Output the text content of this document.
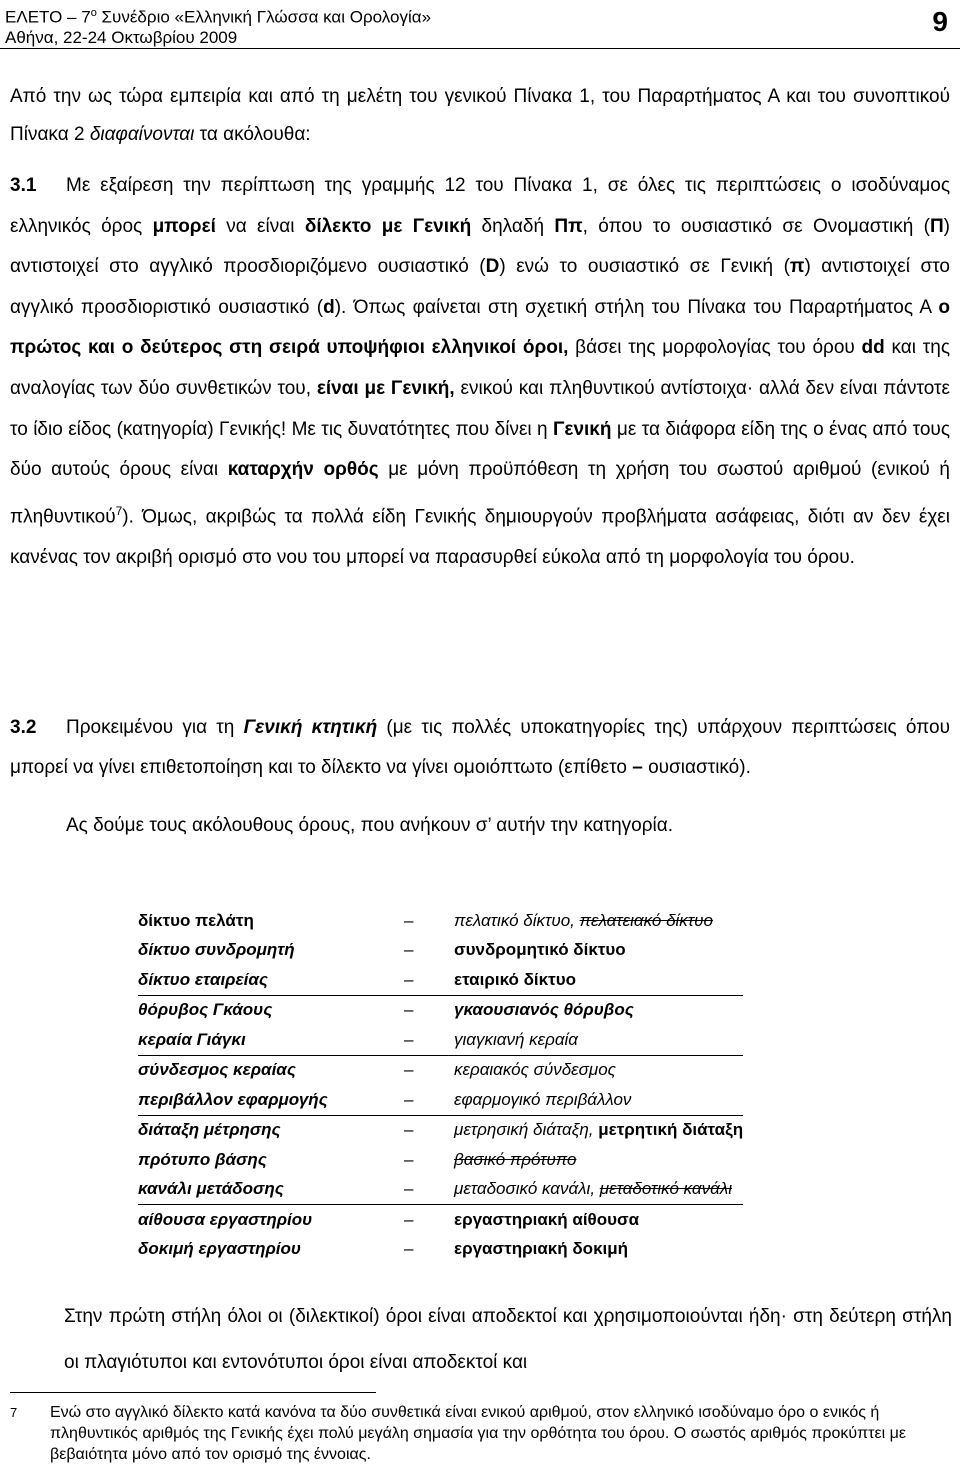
ΕΛΕΤΟ – $7^o$ Συνέδριο «Ελληνική Γλώσσα και Ορολογία»
Αθήνα, 22-24 Οκτωβρίου 2009
9

Από την ως τώρα εμπειρία και από τη μελέτη του γενικού Πίνακα 1, του Παραρτήματος Α και του συνοπτικού Πίνακα 2 διαφαίνονται τα ακόλουθα:

3.1 Με εξαίρεση την περίπτωση της γραμμής 12 του Πίνακα 1, σε όλες τις περιπτώσεις ο ισοδύναμος ελληνικός όρος μπορεί να είναι δίλεκτο με Γενική δηλαδή Ππ, όπου το ουσιαστικό σε Ονομαστική (Π) αντιστοιχεί στο αγγλικό προσδιοριζόμενο ουσιαστικό (D) ενώ το ουσιαστικό σε Γενική (π) αντιστοιχεί στο αγγλικό προσδιοριστικό ουσιαστικό (d). Όπως φαίνεται στη σχετική στήλη του Πίνακα του Παραρτήματος Α ο πρώτος και ο δεύτερος στη σειρά υποψήφιοι ελληνικοί όροι, βάσει της μορφολογίας του όρου dd και της αναλογίας των δύο συνθετικών του, είναι με Γενική, ενικού και πληθυντικού αντίστοιχα· αλλά δεν είναι πάντοτε το ίδιο είδος (κατηγορία) Γενικής! Με τις δυνατότητες που δίνει η Γενική με τα διάφορα είδη της ο ένας από τους δύο αυτούς όρους είναι καταρχήν ορθός με μόνη προϋπόθεση τη χρήση του σωστού αριθμού (ενικού ή πληθυντικού$^7$). Όμως, ακριβώς τα πολλά είδη Γενικής δημιουργούν προβλήματα ασάφειας, διότι αν δεν έχει κανένας τον ακριβή ορισμό στο νου του μπορεί να παρασυρθεί εύκολα από τη μορφολογία του όρου.

3.2 Προκειμένου για τη Γενική κτητική (με τις πολλές υποκατηγορίες της) υπάρχουν περιπτώσεις όπου μπορεί να γίνει επιθετοποίηση και το δίλεκτο να γίνει ομοιόπτωτο (επίθετο – ουσιαστικό).

Ας δούμε τους ακόλουθους όρους, που ανήκουν σ’ αυτήν την κατηγορία.

δίκτυο πελάτη	–	πελατικό δίκτυο, πελατειακό δίκτυο
δίκτυο συνδρομητή	–	συνδρομητικό δίκτυο
δίκτυο εταιρείας	–	εταιρικό δίκτυο
θόρυβος Γκάους	–	γκαουσιανός θόρυβος
κεραία Γιάγκι	–	γιαγκιανή κεραία
σύνδεσμος κεραίας	–	κεραιακός σύνδεσμος
περιβάλλον εφαρμογής	–	εφαρμογικό περιβάλλον
διάταξη μέτρησης	–	μετρησική διάταξη, μετρητική διάταξη
πρότυπο βάσης	–	βασικό πρότυπο
κανάλι μετάδοσης	–	μεταδοσικό κανάλι, μεταδοτικό κανάλι
αίθουσα εργαστηρίου	–	εργαστηριακή αίθουσα
δοκιμή εργαστηρίου	–	εργαστηριακή δοκιμή

Στην πρώτη στήλη όλοι οι (διλεκτικοί) όροι είναι αποδεκτοί και χρησιμοποιούνται ήδη· στη δεύτερη στήλη οι πλαγιότυποι και εντονότυποι όροι είναι αποδεκτοί και

7 Ενώ στο αγγλικό δίλεκτο κατά κανόνα τα δύο συνθετικά είναι ενικού αριθμού, στον ελληνικό ισοδύναμο όρο ο ενικός ή πληθυντικός αριθμός της Γενικής έχει πολύ μεγάλη σημασία για την ορθότητα του όρου. Ο σωστός αριθμός προκύπτει με βεβαιότητα μόνο από τον ορισμό της έννοιας.
